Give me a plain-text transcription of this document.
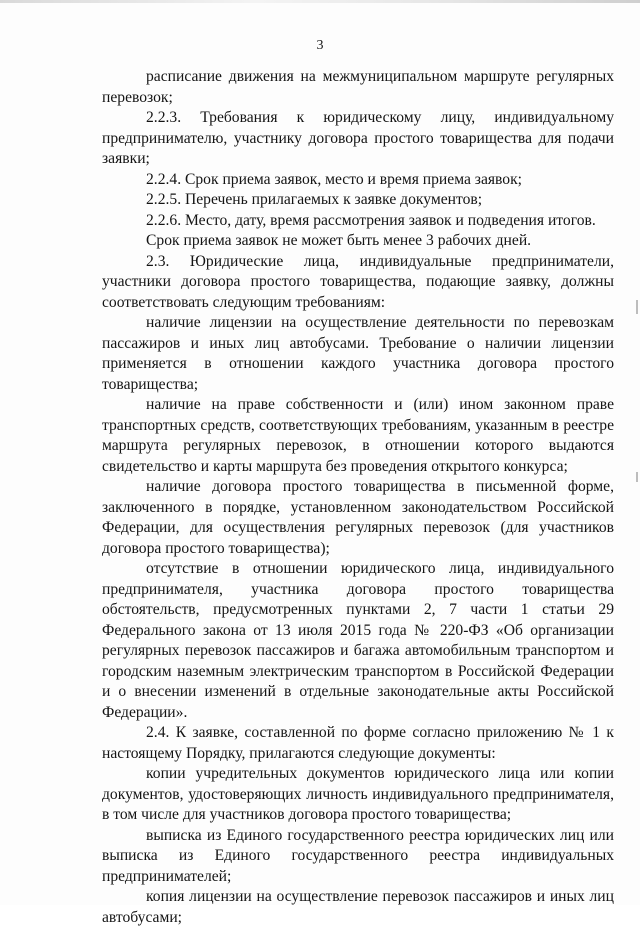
3

расписание движения на межмуниципальном маршруте регулярных перевозок;

2.2.3. Требования к юридическому лицу, индивидуальному предпринимателю, участнику договора простого товарищества для подачи заявки;

2.2.4. Срок приема заявок, место и время приема заявок;

2.2.5. Перечень прилагаемых к заявке документов;

2.2.6. Место, дату, время рассмотрения заявок и подведения итогов.

Срок приема заявок не может быть менее 3 рабочих дней.

2.3. Юридические лица, индивидуальные предприниматели, участники договора простого товарищества, подающие заявку, должны соответствовать следующим требованиям:

наличие лицензии на осуществление деятельности по перевозкам пассажиров и иных лиц автобусами. Требование о наличии лицензии применяется в отношении каждого участника договора простого товарищества;

наличие на праве собственности и (или) ином законном праве транспортных средств, соответствующих требованиям, указанным в реестре маршрута регулярных перевозок, в отношении которого выдаются свидетельство и карты маршрута без проведения открытого конкурса;

наличие договора простого товарищества в письменной форме, заключенного в порядке, установленном законодательством Российской Федерации, для осуществления регулярных перевозок (для участников договора простого товарищества);

отсутствие в отношении юридического лица, индивидуального предпринимателя, участника договора простого товарищества обстоятельств, предусмотренных пунктами 2, 7 части 1 статьи 29 Федерального закона от 13 июля 2015 года № 220-ФЗ «Об организации регулярных перевозок пассажиров и багажа автомобильным транспортом и городским наземным электрическим транспортом в Российской Федерации и о внесении изменений в отдельные законодательные акты Российской Федерации».

2.4. К заявке, составленной по форме согласно приложению № 1 к настоящему Порядку, прилагаются следующие документы:

копии учредительных документов юридического лица или копии документов, удостоверяющих личность индивидуального предпринимателя, в том числе для участников договора простого товарищества;

выписка из Единого государственного реестра юридических лиц или выписка из Единого государственного реестра индивидуальных предпринимателей;

копия лицензии на осуществление перевозок пассажиров и иных лиц автобусами;
